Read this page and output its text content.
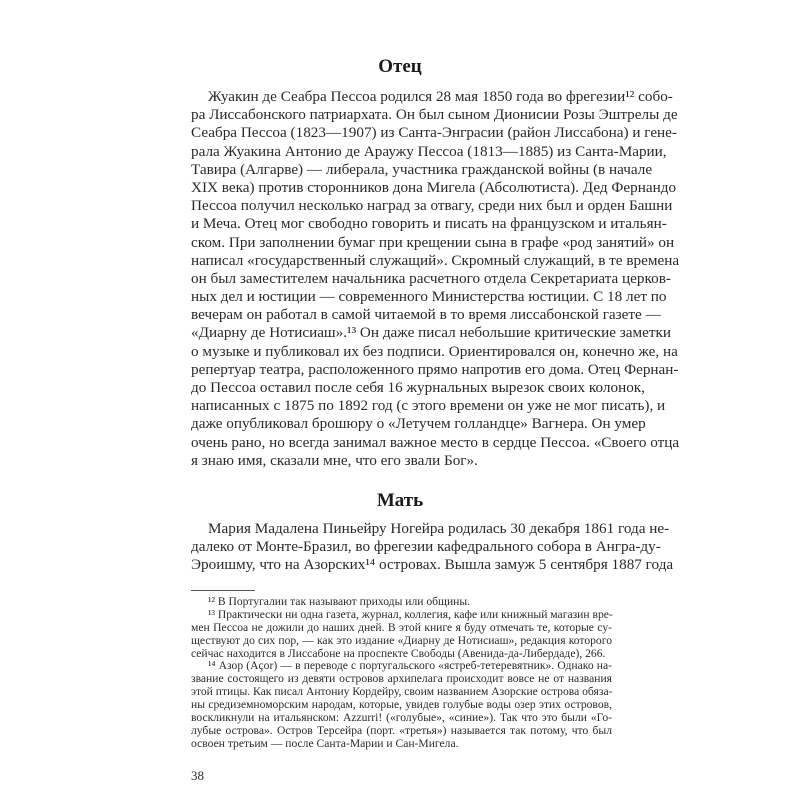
Отец
Жуакин де Сеабра Пессоа родился 28 мая 1850 года во фрегезии¹² собо-
ра Лиссабонского патриархата. Он был сыном Дионисии Розы Эштрелы де
Сеабра Пессоа (1823—1907) из Санта-Энграсии (район Лиссабона) и гене-
рала Жуакина Антонио де Араужу Пессоа (1813—1885) из Санта-Марии,
Тавира (Алгарве) — либерала, участника гражданской войны (в начале
XIX века) против сторонников дона Мигела (Абсолютиста). Дед Фернандо
Пессоа получил несколько наград за отвагу, среди них был и орден Башни
и Меча. Отец мог свободно говорить и писать на французском и итальян-
ском. При заполнении бумаг при крещении сына в графе «род занятий» он
написал «государственный служащий». Скромный служащий, в те времена
он был заместителем начальника расчетного отдела Секретариата церков-
ных дел и юстиции — современного Министерства юстиции. С 18 лет по
вечерам он работал в самой читаемой в то время лиссабонской газете —
«Диарну де Нотисиаш».¹³ Он даже писал небольшие критические заметки
о музыке и публиковал их без подписи. Ориентировался он, конечно же, на
репертуар театра, расположенного прямо напротив его дома. Отец Фернан-
до Пессоа оставил после себя 16 журнальных вырезок своих колонок,
написанных с 1875 по 1892 год (с этого времени он уже не мог писать), и
даже опубликовал брошюру о «Летучем голландце» Вагнера. Он умер
очень рано, но всегда занимал важное место в сердце Пессоа. «Своего отца
я знаю имя, сказали мне, что его звали Бог».
Мать
Мария Мадалена Пиньейру Ногейра родилась 30 декабря 1861 года не-
далеко от Монте-Бразил, во фрегезии кафедрального собора в Ангра-ду-
Эроишму, что на Азорских¹⁴ островах. Вышла замуж 5 сентября 1887 года
¹² В Португалии так называют приходы или общины.
¹³ Практически ни одна газета, журнал, коллегия, кафе или книжный магазин вре-
мен Пессоа не дожили до наших дней. В этой книге я буду отмечать те, которые су-
ществуют до сих пор, — как это издание «Диарну де Нотисиаш», редакция которого
сейчас находится в Лиссабоне на проспекте Свободы (Авенида-да-Либердаде), 266.
¹⁴ Азор (Açor) — в переводе с португальского «ястреб-тетеревятник». Однако на-
звание состоящего из девяти островов архипелага происходит вовсе не от названия
этой птицы. Как писал Антониу Кордейру, своим названием Азорские острова обяза-
ны средиземноморским народам, которые, увидев голубые воды озер этих островов,
воскликнули на итальянском: Azzurri! («голубые», «синие»). Так что это были «Го-
лубые острова». Остров Терсейра (порт. «третья») называется так потому, что был
освоен третьим — после Санта-Марии и Сан-Мигела.
38
